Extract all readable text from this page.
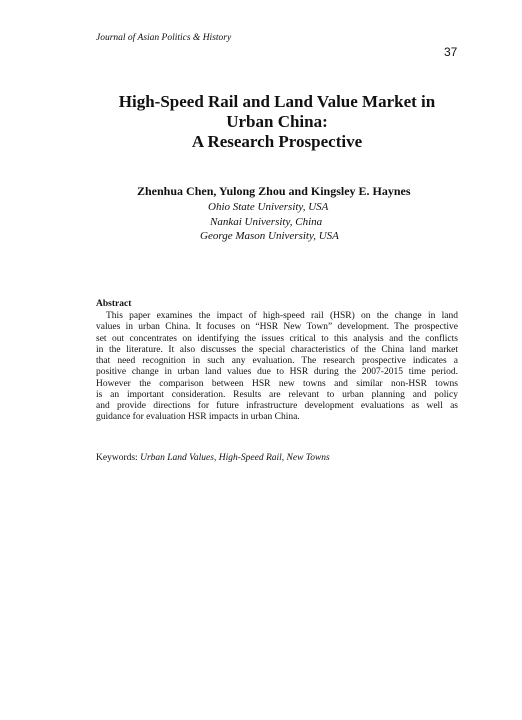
Journal of Asian Politics & History
37
High-Speed Rail and Land Value Market in
Urban China:
A Research Prospective
Zhenhua Chen, Yulong Zhou and Kingsley E. Haynes
Ohio State University, USA
Nankai University, China
George Mason University, USA
Abstract
This paper examines the impact of high-speed rail (HSR) on the change in land
values in urban China. It focuses on “HSR New Town” development. The prospective
set out concentrates on identifying the issues critical to this analysis and the conflicts
in the literature. It also discusses the special characteristics of the China land market
that need recognition in such any evaluation. The research prospective indicates a
positive change in urban land values due to HSR during the 2007-2015 time period.
However the comparison between HSR new towns and similar non-HSR towns
is an important consideration. Results are relevant to urban planning and policy
and provide directions for future infrastructure development evaluations as well as
guidance for evaluation HSR impacts in urban China.
Keywords: Urban Land Values, High-Speed Rail, New Towns
